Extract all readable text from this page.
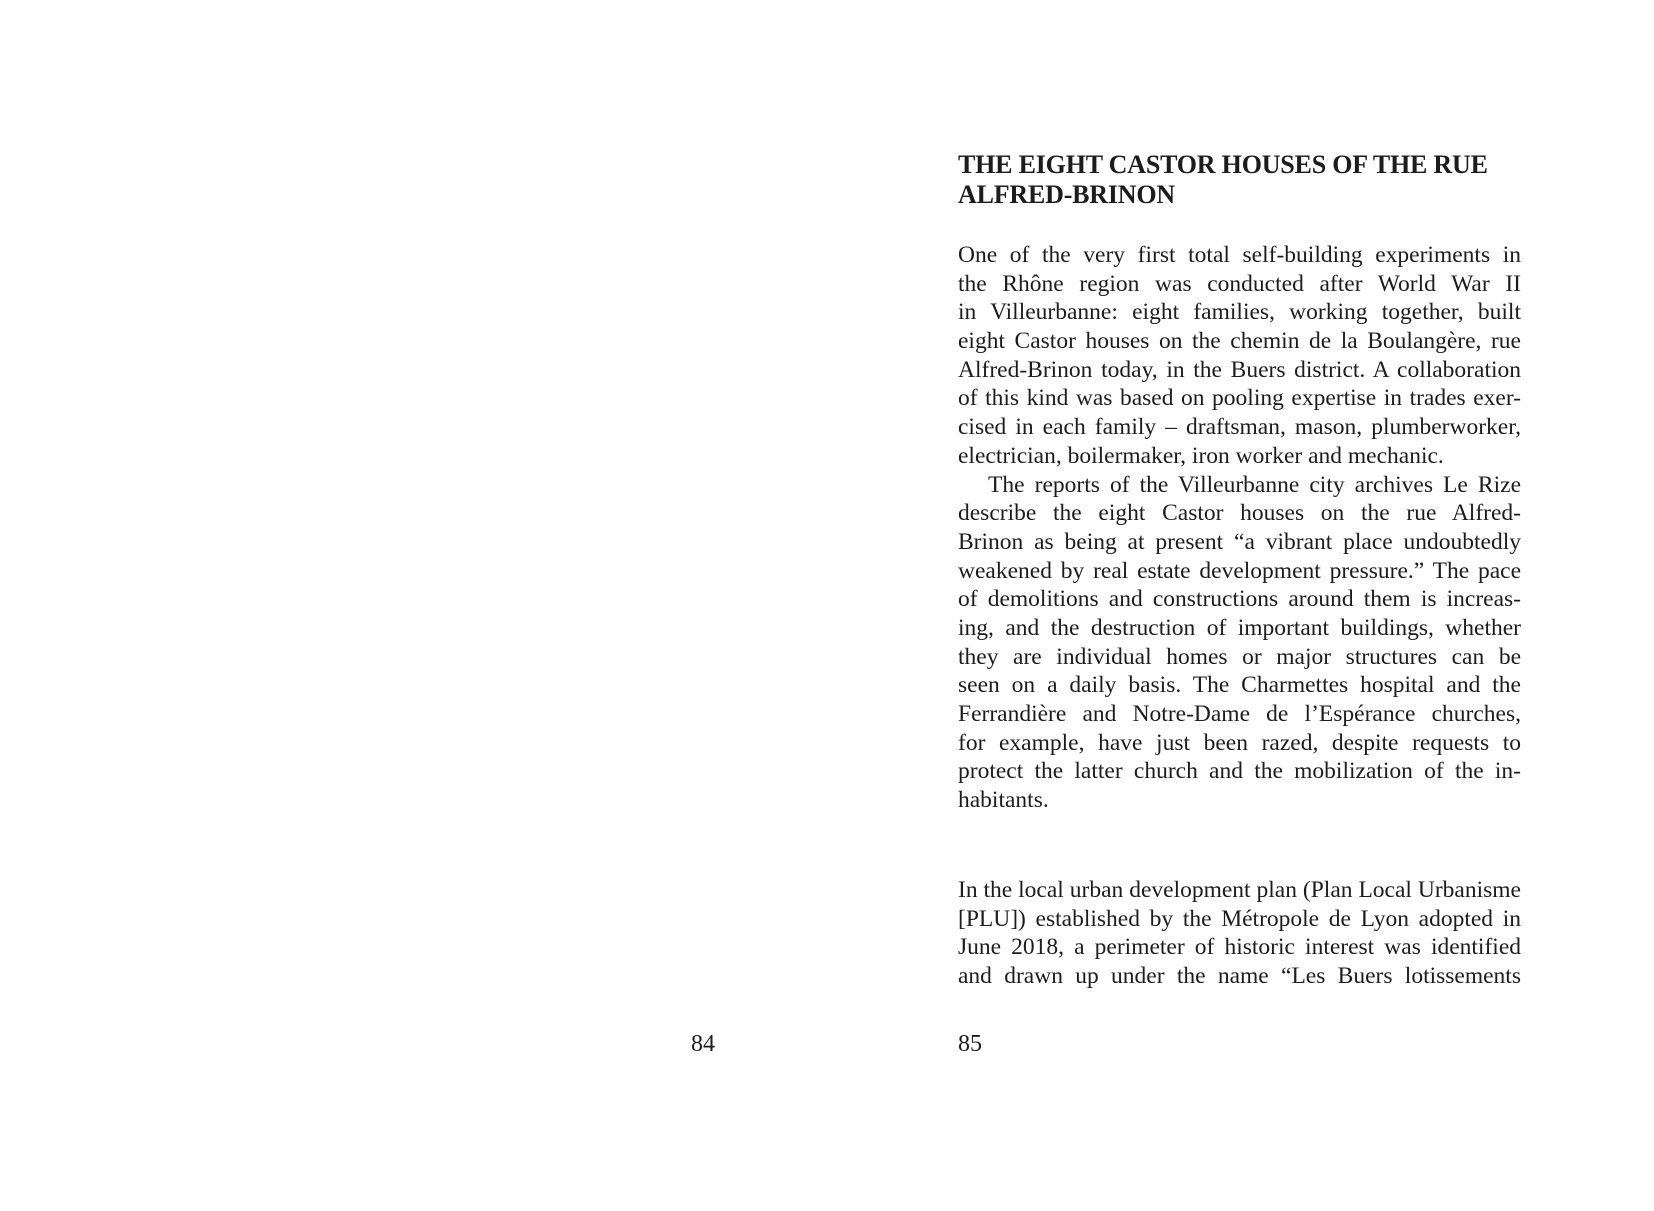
84
THE EIGHT CASTOR HOUSES OF THE RUE
ALFRED-BRINON
One of the very first total self-building experiments in
the Rhône region was conducted after World War II
in Villeurbanne: eight families, working together, built
eight Castor houses on the chemin de la Boulangère, rue
Alfred-Brinon today, in the Buers district. A collaboration
of this kind was based on pooling expertise in trades exer-
cised in each family – draftsman, mason, plumberworker,
electrician, boilermaker, iron worker and mechanic.
The reports of the Villeurbanne city archives Le Rize
describe the eight Castor houses on the rue Alfred-
Brinon as being at present “a vibrant place undoubtedly
weakened by real estate development pressure.” The pace
of demolitions and constructions around them is increas-
ing, and the destruction of important buildings, whether
they are individual homes or major structures can be
seen on a daily basis. The Charmettes hospital and the
Ferrandière and Notre-Dame de l’Espérance churches,
for example, have just been razed, despite requests to
protect the latter church and the mobilization of the in-
habitants.
In the local urban development plan (Plan Local Urbanisme
[PLU]) established by the Métropole de Lyon adopted in
June 2018, a perimeter of historic interest was identified
and drawn up under the name “Les Buers lotissements
85
